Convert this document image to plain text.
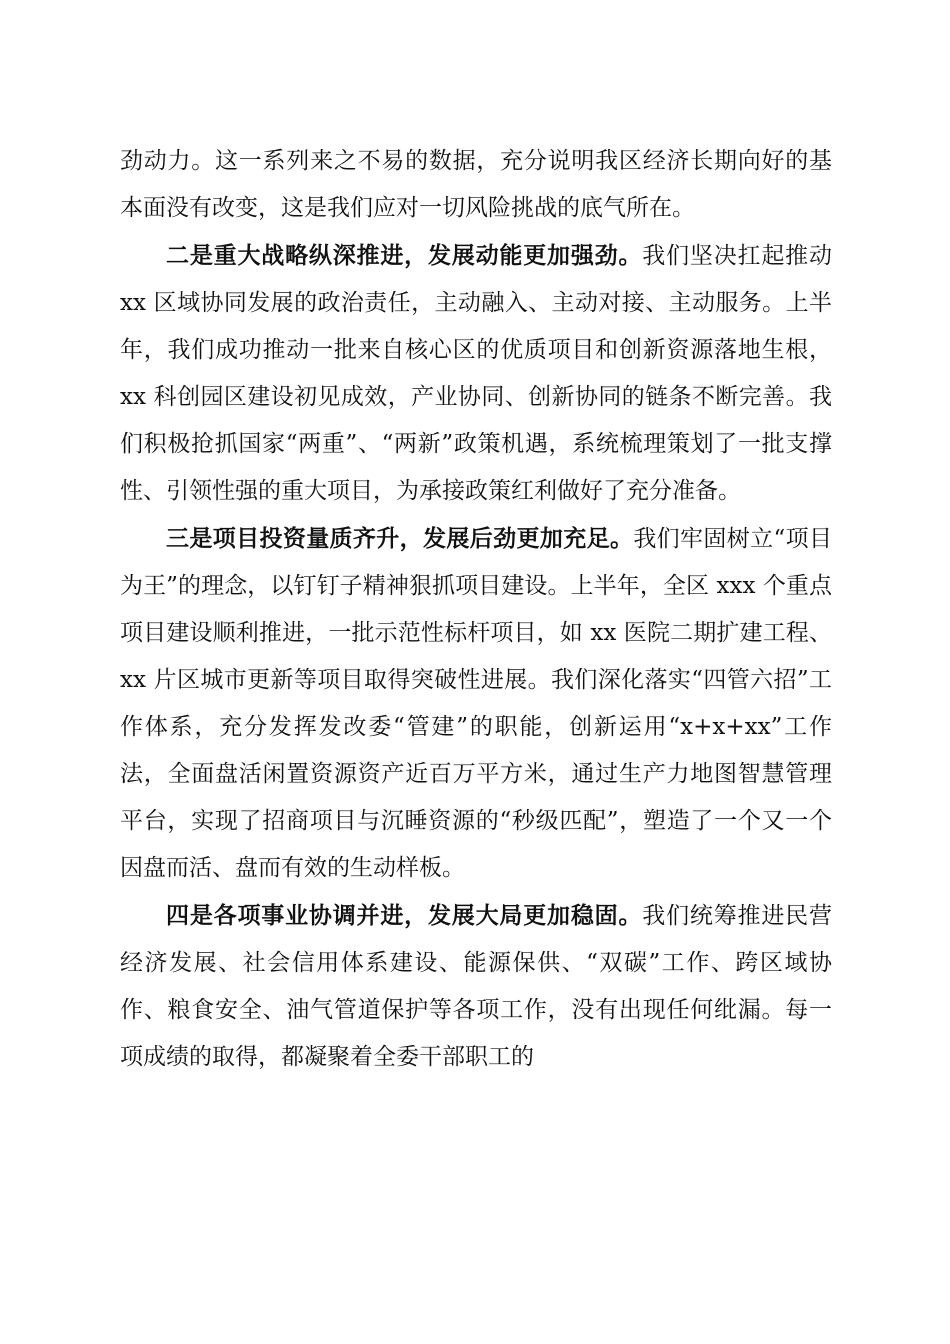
劲动力。这一系列来之不易的数据，充分说明我区经济长期向好的基本面没有改变，这是我们应对一切风险挑战的底气所在。

二是重大战略纵深推进，发展动能更加强劲。我们坚决扛起推动 xx 区域协同发展的政治责任，主动融入、主动对接、主动服务。上半年，我们成功推动一批来自核心区的优质项目和创新资源落地生根，xx 科创园区建设初见成效，产业协同、创新协同的链条不断完善。我们积极抢抓国家“两重”、“两新”政策机遇，系统梳理策划了一批支撑性、引领性强的重大项目，为承接政策红利做好了充分准备。

三是项目投资量质齐升，发展后劲更加充足。我们牢固树立“项目为王”的理念，以钉钉子精神狠抓项目建设。上半年，全区 xxx 个重点项目建设顺利推进，一批示范性标杆项目，如 xx 医院二期扩建工程、xx 片区城市更新等项目取得突破性进展。我们深化落实“四管六招”工作体系，充分发挥发改委“管建”的职能，创新运用“x+x+xx”工作法，全面盘活闲置资源资产近百万平方米，通过生产力地图智慧管理平台，实现了招商项目与沉睡资源的“秒级匹配”，塑造了一个又一个因盘而活、盘而有效的生动样板。

四是各项事业协调并进，发展大局更加稳固。我们统筹推进民营经济发展、社会信用体系建设、能源保供、“双碳”工作、跨区域协作、粮食安全、油气管道保护等各项工作，没有出现任何纰漏。每一项成绩的取得，都凝聚着全委干部职工的
